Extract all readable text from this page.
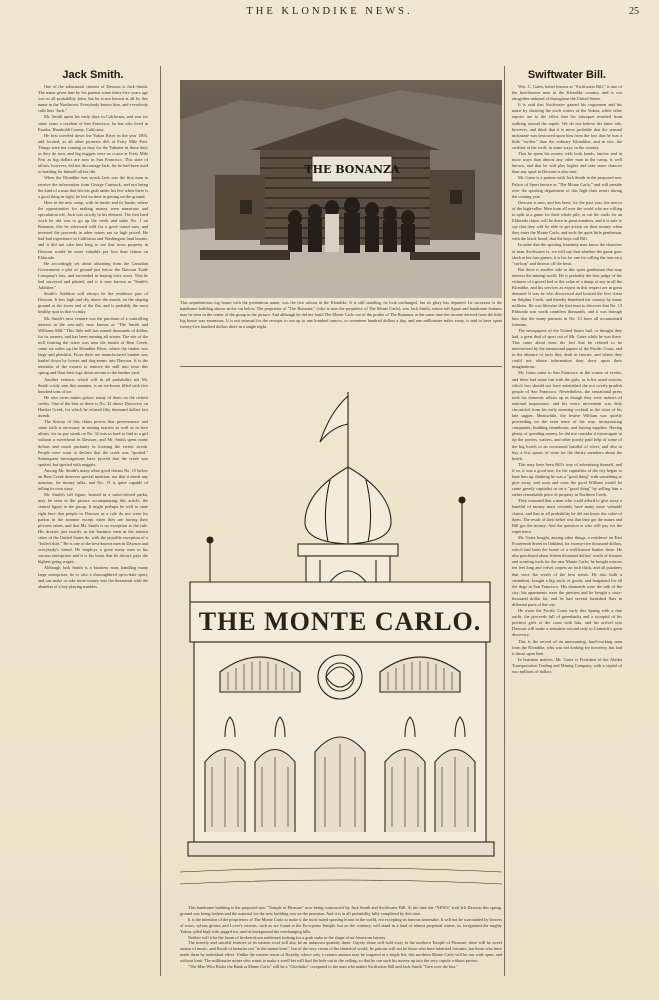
THE KLONDIKE NEWS.	25
Jack Smith.

One of the substantial citizens of Dawson is Jack Smith. The name given him by his parents some thirty-five years ago was in all probability John, but he is not known at all by this name in the Northwest. Everybody knows him, and everybody calls him "Jack."

Mr. Smith spent his early days in California, and was for some years a resident of San Francisco; he has also lived in Eureka, Humboldt County, California.

He first traveled down the Yukon River in the year 1893, and located, as all other pioneers did, at Forty Mile Post. Things were not coming so easy for the Yukoner in those days as they do now, and big nuggets were as scarce at Forty Mile Post as big dollars are now in San Francisco. This state of affairs, however, did not discourage Jack, for he had been used to hustling for himself all his life.

When the Klondike was struck Jack was the first man to receive the information from George Carmack, and not being the kind of a man that lets his grub under his feet when there is a good thing in sight, he lost no time in getting on the ground.

Here in the new camp, with its hustle and its bustle, where the opportunities for making money were numerous and speculation rife, Jack was strictly in his element. The first hard work he did was to go up the creek and stake No. 1 on Bonanza; this he afterward sold for a good round sum, and invested the proceeds in other mines not so high priced. He had bad experience in California and Washington land booms, and it did not take him long to see that town property in Dawson would be more valuable per foot than claims on Eldorado.

He accordingly set about obtaining from the Canadian Government a plot of ground just below the Dawson Trade Company's lots, and succeeded in buying forty acres. This he had surveyed and platted, and it is now known as "Smith's Addition."

Smith's Addition will always be the residence part of Dawson. It lies high and dry above the marsh, on the sloping ground at the lower end of the flat, and is probably the most healthy spot in that vicinity.

Mr. Smith's next venture was the purchase of a controlling interest in the saw-mill, now known as "The Smith and Williams Mill." This little mill has earned thousands of dollars for its owners, and has been running all winter. The site of the mill fronting the water was near the mouth of Bear Creek, some six miles up the Klondike River, where the timber was large and plentiful. From there are manufactured lumber was hauled down by horses and dog-teams into Dawson. It is the intention of the owners to remove the mill into town this spring and float their logs down stream to the lumber yard.

Another venture, which will in all probability net Mr. Smith a tidy sum this summer, is an ice-house filled with five hundred tons of ice.

He also owns mines galore, many of them on the richest creeks. One of the best of these is No. 32 above Discovery on Hunker Creek, for which he refused fifty thousand dollars last month.

The history of this claim proves that perseverance and some faith is necessary in mining matters as well as in love affairs, for its pay streak on No. 32 was so hard to find as a girl without a sweetheart in Dawson, and Mr. Smith spent many dollars and much profanity in locating the erratic streak. People were wont to declare that the creek was "spotted." Subsequent investigations have proved that the creek was spotted, but spotted with nuggets.

Among Mr. Smith's many other good claims No. 15 below on Bear Creek deserves special mention; not that it needs any mention, for money talks, and No. 15 is quite capable of telling its own story.

Mr. Smith's tall figure, housed in a satin-colored parka, may be seen in the picture accompanying this article, the central figure in the group. It might perhaps be well to state right here that people in Dawson as a rule do not wear fur parkas in the summer except when they are having their pictures taken, and that Mr. Smith is no exception to the rule. His dresses just exactly as the business men in the eastern cities of the United States do, with the possible exception of a "boiled shirt." He is one of the best-known men in Dawson and everybody's friend. He employs a great many men in his various enterprises and it is his boast that he always pays the highest going wages.

Although Jack Smith is a business man, handling many large enterprises, he is also a thoroughbred up-to-date sport, and can make or take more money into the thousands with the abandon of a boy playing marbles.

Swiftwater Bill.

Wm. C. Gates, better known as "Swiftwater Bill," is one of the best-known men in the Klondike country, and is not altogether unheard of throughout the United States.

It is said that Swiftwater gained his cognomen and his name by shooting the swift waters of the Yukon, while other reports are to the effect that his sobriquet resulted from walking around the rapids. We do not believe the latter tale, however, and think that it is more probable that the sensual nickname was bestowed upon him from the fact that he was a little "swifter" than the ordinary Klondiker, and in fact, the swiftest of the swift, in some ways, in the country.

That he spent his money with both hands, fancier and in more ways than almost any other man in the camp, is well known, and that he will play higher and take more chances than any sport in Dawson is also true.

Mr. Gates is a partner with Jack Smith in the proposed new Palace of Sport known as "The Monte Carlo," and will preside over the sporting department of this high-class resort during the coming year.

Dawson is new, and has been, for the past year, the mecca of the high-roller. Men from all over the world who are willing to split at a game for their whole pile, or cut the cards for an Eldorado claim, will be there in great numbers, and it is safe to say that they will be able to get action on their money when they enter the Monte Carlo, and such the quiet little gentleman, with the black beard, that the boys call Bill.

In order that the sporting fraternity may know the character of man Swiftwater is, we will say that whether the game goes slack at his faro games, it is his for one for calling the turn on a "cat-hop" and thrown off the limit.

But there is another side to this quiet gentleman that may interest the mining world. He is probably the best judge of the richness of a gravel bed or the value of a dump of any in all the Klondike, and his services as expert in this respect are in great demand. It was he who discovered and located the first claim on Sulphur Creek, and thereby benefited the country by many millions. He was likewise the first man to discover that No. 13 Eldorado was worth countless thousands, and it was through him that the many partners in No. 13 have all accumulated fortunes.

The newspapers of the United States had, or thought they had, a great deal of sport out of Mr. Gates while he was there. This came about from the fact that he refused to be interviewed by the sensational papers of the Pacific Coast, and in the absence of facts they dealt in fancies, and where they could not obtain information they drew upon their imaginations.

Mr. Gates came to San Francisco in the course of events, and there had some fun with the girls, as is his usual custom, which fact should not have astonished the not overly-prudish people of San Francisco. Nevertheless, the sensational press took his domestic affairs up as though they were matters of national importance, and his every movement was duly chronicled from his early morning cocktail to the close of his late supper. Meanwhile, the festive William was quietly proceeding on the even tenor of his way, incorporating companies, building steamboats, and buying supplies. Having plenty of spending money, he did not consider it extravagant to tip the porters, waiters, and other poorly paid help of some of the big hotels to an occasional handful of silver, and also to buy a few quarts of wine for the thirsty members about the hotels.

This may have been Bill's way of advertising himself, and if so, it was a good one, for the capitalists of the city began to hunt him up, thinking he was a "good thing" with something to give away, and soon and soon the good William would let some greedy capitalist in on a "good thing" by selling him a rather remarkable piece of property in Northern Creek.

They reasoned that a man who could afford to give away a handful of money must certainly have many more valuable claims, and that in all probability he did not know the value of them. The result of their belief was that they got the mines and Bill got the money. And the question is who will pay for the experience.

Mr. Gates bought, among other things, a residence on East Fourteenth Street in Oakland, for twenty-five thousand dollars, which had been the home of a well-known banker there. He also purchased about fifteen thousand dollars' worth of fixtures and scenting tools for the new Monte Carlo; he bought mirrors ten feet long and velvet carpets an inch thick, and all palatines that were the worth of the best artists. He also built a steamboat, bought a big stock of goods, and bargained for all the dogs in San Francisco. His diamonds were the talk of the city; his apartments were the prettiest and he bought a sixty-thousand dollar lot, and he had several furnished flats in different parts of the city.

He owns the Pacific Coast early this Spring with a fine outfit, the proceeds full of greenbacks and a scoopful of his prettiest girls of the coast with him, and his arrival into Dawson will make a sensation second only to Carmack's great discovery.

This is the record of an unassuming, hard-working man from the Klondike, who was not looking for notoriety, but had it thrust upon him.

In business matters, Mr. Gates is President of the Alaska Transportation Trading and Mining Company, with a capital of two millions of dollars.

THE BONANZA
This unpretentious log house with the pretentious name, was the first saloon in the Klondike. It is still standing, its look unchanged, but its glory has departed. Its successor is the handsome building shown in the cut below. The proprietor of "The Bonanza," (who is now the proprietor of The Monte Carlo), was Jack Smith, whose tall figure and handsome features may be seen in the center of the group in the picture. And although he did not build The Monte Carlo out of the profits of The Bonanza, at the same time the income derived from the little log house was enormous. It is not unusual for the receipts to run up to one hundred ounces, or seventeen hundred dollars a day, and one millionaire miles away, is said to have spent twenty-five hundred dollars there in a single night.
THE MONTE CARLO.

This handsome building is the proposed new "Temple of Pleasure" now being constructed by Jack Smith and Swiftwater Bill. At the time the "NEWS" staff left Dawson this spring, ground was being broken and the material for the new building was on the premises. And it is in all probability fully completed by this time.

It is the intention of the proprietors of The Monte Carlo to make it the most noted sporting house in the world, not excepting its famous namesake. It will not be surrounded by bowers of roses, sylvan grottos and Lover's retreats, such as are found at the Eu-ropean Temple, but on the contrary, will stand in a land of almost perpetual winter, its foreground the mighty Yukon, piled high with jagged ice, and its background the overhanging hills.

Neither will it be the haunt of broken-down noblemen looking for a grub stake in the shape of an American heiress.

The miserly and suicidal features of its eastern rival will also be an unknown quantity there. Gayety alone will hold sway in the northern Temple of Pleasure; there will be sweet strains of music, and floods of beauties not "to the manor born", but of the very cream of the theatrical world. Its patrons will not be those who have inherited fortunes, but those who have made them by individual effort. Unlike the eastern resort of Royalty, where only a certain amount may be wagered at a single bet, this northern Monte Carlo will be run wide open, and without limit. The millionaire miner who wants to make a swell bet will find the hole out in the ceiling, so that he can sack his money up into the very cupola without protest.

"The Man Who Broke the Bank at Monte Carlo" will be a "Chechako" compared to the man who makes Swiftwater Bill and Jack Smith "Turn over the box."
